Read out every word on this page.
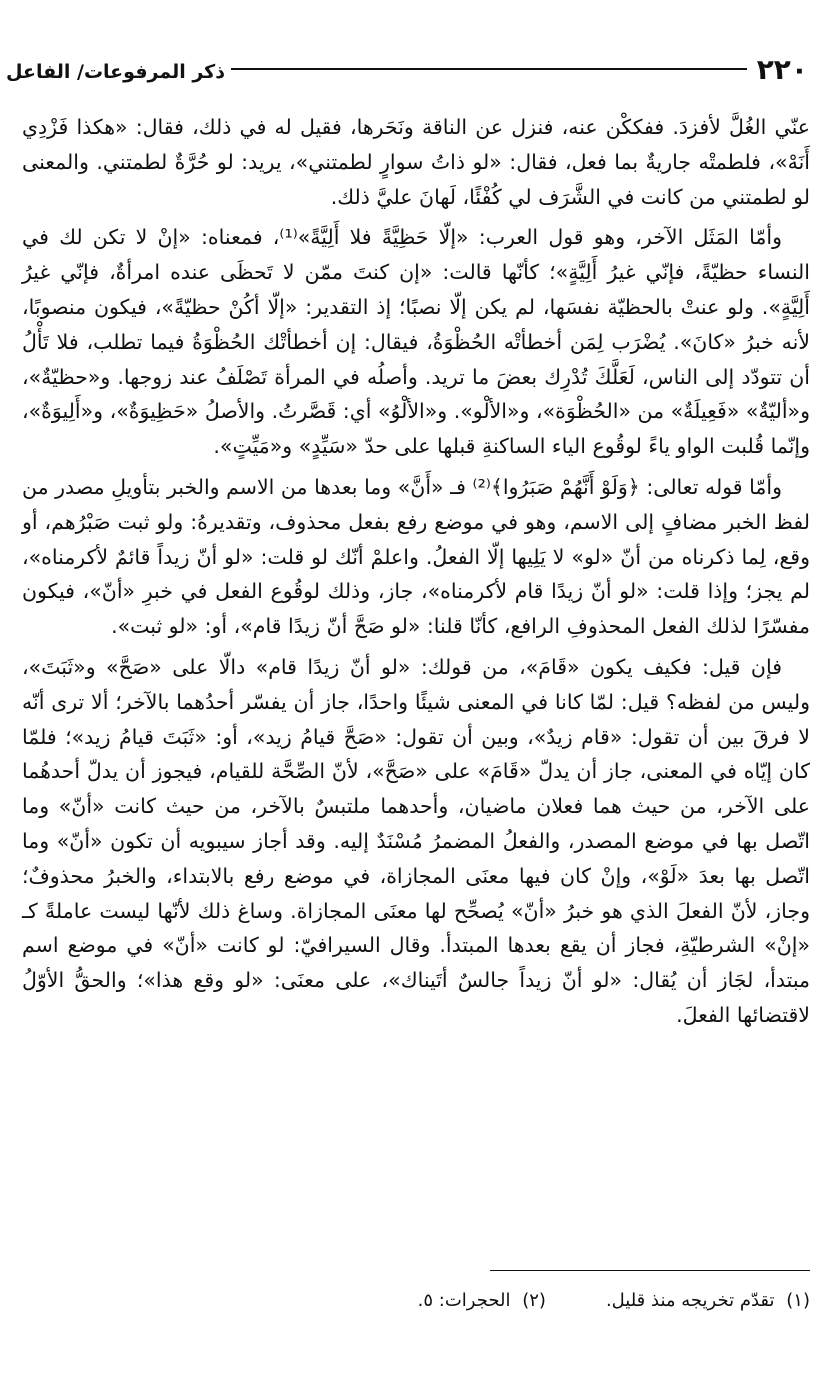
٢٢٠
ذكر المرفوعات/ الفاعل

عنّي الغُلَّ لأفزدَ. ففككْن عنه، فنزل عن الناقة ونَحَرها، فقيل له في ذلك، فقال: «هكذا فَزْدِي أَنَهْ»، فلطمتْه جاريةٌ بما فعل، فقال: «لو ذاتُ سوارٍ لطمتني»، يريد: لو حُرَّةٌ لطمتني. والمعنى لو لطمتني من كانت في الشَّرَف لي كُفْئًا، لَهانَ عليَّ ذلك.

وأمّا المَثَل الآخر، وهو قول العرب: «إلّا حَظِيَّةً فلا أَلِيَّةً»⁽¹⁾، فمعناه: «إنْ لا تكن لك في النساء حظيّةً، فإنّي غيرُ أَلِيَّةٍ»؛ كأنّها قالت: «إن كنتَ ممّن لا تَحظَى عنده امرأةٌ، فإنّي غيرُ أَلِيَّةٍ». ولو عنتْ بالحظيّة نفسَها، لم يكن إلّا نصبًا؛ إذ التقدير: «إلّا أكُنْ حظيّةً»، فيكون منصوبًا، لأنه خبرُ «كانَ». يُضْرَب لِمَن أخطأتْه الحُظْوَةُ، فيقال: إن أخطأتْك الحُظْوَةُ فيما تطلب، فلا تَأْلُ أن تتودّد إلى الناس، لَعَلَّكَ تُدْرِك بعضَ ما تريد. وأصلُه في المرأة تَصْلَفُ عند زوجها. و«حظيّةٌ»، و«أليّةٌ» «فَعِيلَةٌ» من «الحُظْوَة»، و«الألْو». و«الألْوُ» أي: قَصَّرتُ. والأصلُ «حَظِيوَةٌ»، و«أَلِيوَةٌ»، وإنّما قُلبت الواو ياءً لوقُوع الياء الساكنةِ قبلها على حدّ «سَيِّدٍ» و«مَيِّتٍ».

وأمّا قوله تعالى: ﴿وَلَوْ أَنَّهُمْ صَبَرُوا﴾⁽²⁾ فـ «أَنَّ» وما بعدها من الاسم والخبر بتأويلِ مصدر من لفظ الخبر مضافٍ إلى الاسم، وهو في موضع رفع بفعل محذوف، وتقديرهُ: ولو ثبت صَبْرُهم، أو وقع، لِما ذكرناه من أنّ «لو» لا يَلِيها إلّا الفعلُ. واعلمْ أنّك لو قلت: «لو أنّ زيداً قائمٌ لأكرمناه»، لم يجز؛ وإذا قلت: «لو أنّ زيدًا قام لأكرمناه»، جاز، وذلك لوقُوع الفعل في خبرِ «أنّ»، فيكون مفسّرًا لذلك الفعل المحذوفِ الرافع، كأنّا قلنا: «لو صَحَّ أنّ زيدًا قام»، أو: «لو ثبت».

فإن قيل: فكيف يكون «قَامَ»، من قولك: «لو أنّ زيدًا قام» دالّا على «صَحَّ» و«ثَبَتَ»، وليس من لفظه؟ قيل: لمّا كانا في المعنى شيئًا واحدًا، جاز أن يفسّر أحدُهما بالآخر؛ ألا ترى أنّه لا فرقَ بين أن تقول: «قام زيدٌ»، وبين أن تقول: «صَحَّ قيامُ زيد»، أو: «ثَبَتَ قيامُ زيد»؛ فلمّا كان إيّاه في المعنى، جاز أن يدلّ «قَامَ» على «صَحَّ»، لأنّ الصِّحَّة للقيام، فيجوز أن يدلّ أحدهُما على الآخر، من حيث هما فعلان ماضيان، وأحدهما ملتبسٌ بالآخر، من حيث كانت «أنّ» وما اتّصل بها في موضع المصدر، والفعلُ المضمرُ مُسْنَدٌ إليه. وقد أجاز سيبويه أن تكون «أنّ» وما اتّصل بها بعدَ «لَوْ»، وإنْ كان فيها معنَى المجازاة، في موضع رفع بالابتداء، والخبرُ محذوفٌ؛ وجاز، لأنّ الفعلَ الذي هو خبرُ «أنّ» يُصحِّح لها معنَى المجازاة. وساغ ذلك لأنّها ليست عاملةً كـ «إنْ» الشرطيّةِ، فجاز أن يقع بعدها المبتدأ. وقال السيرافيّ: لو كانت «أنّ» في موضع اسم مبتدأ، لجَاز أن يُقال: «لو أنّ زيداً جالسٌ أتَيناك»، على معنَى: «لو وقع هذا»؛ والحقُّ الأوّلُ لاقتضائها الفعلَ.

(١) تقدّم تخريجه منذ قليل.
(٢) الحجرات: ٥.
